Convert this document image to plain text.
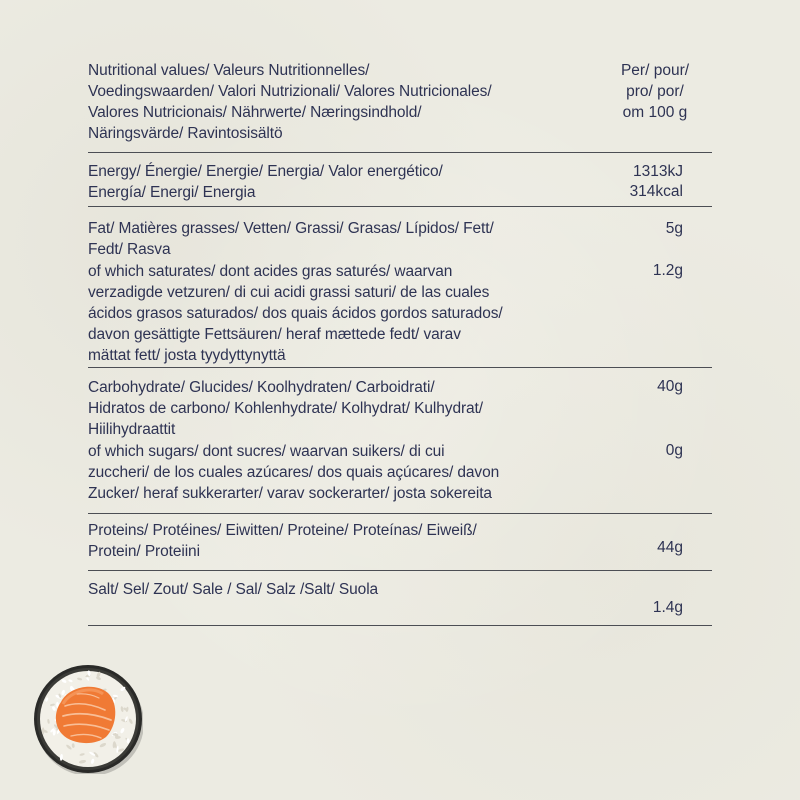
Nutritional values/ Valeurs Nutritionnelles/
Voedingswaarden/ Valori Nutrizionali/ Valores Nutricionales/
Valores Nutricionais/ Nährwerte/ Næringsindhold/
Näringsvärde/ Ravintosisältö
Per/ pour/
pro/ por/
om 100 g
Energy/ Énergie/ Energie/ Energia/ Valor energético/
Energía/ Energi/ Energia
1313kJ
314kcal
Fat/ Matières grasses/ Vetten/ Grassi/ Grasas/ Lípidos/ Fett/
Fedt/ Rasva
5g
of which saturates/ dont acides gras saturés/ waarvan
verzadigde vetzuren/ di cui acidi grassi saturi/ de las cuales
ácidos grasos saturados/ dos quais ácidos gordos saturados/
davon gesättigte Fettsäuren/ heraf mættede fedt/ varav
mättat fett/ josta tyydyttynyttä
1.2g
Carbohydrate/ Glucides/ Koolhydraten/ Carboidrati/
Hidratos de carbono/ Kohlenhydrate/ Kolhydrat/ Kulhydrat/
Hiilihydraattit
40g
of which sugars/ dont sucres/ waarvan suikers/ di cui
zuccheri/ de los cuales azúcares/ dos quais açúcares/ davon
Zucker/ heraf sukkerarter/ varav sockerarter/ josta sokereita
0g
Proteins/ Protéines/ Eiwitten/ Proteine/ Proteínas/ Eiweiß/
Protein/ Proteiini	44g
Salt/ Sel/ Zout/ Sale / Sal/ Salz /Salt/ Suola
1.4g
